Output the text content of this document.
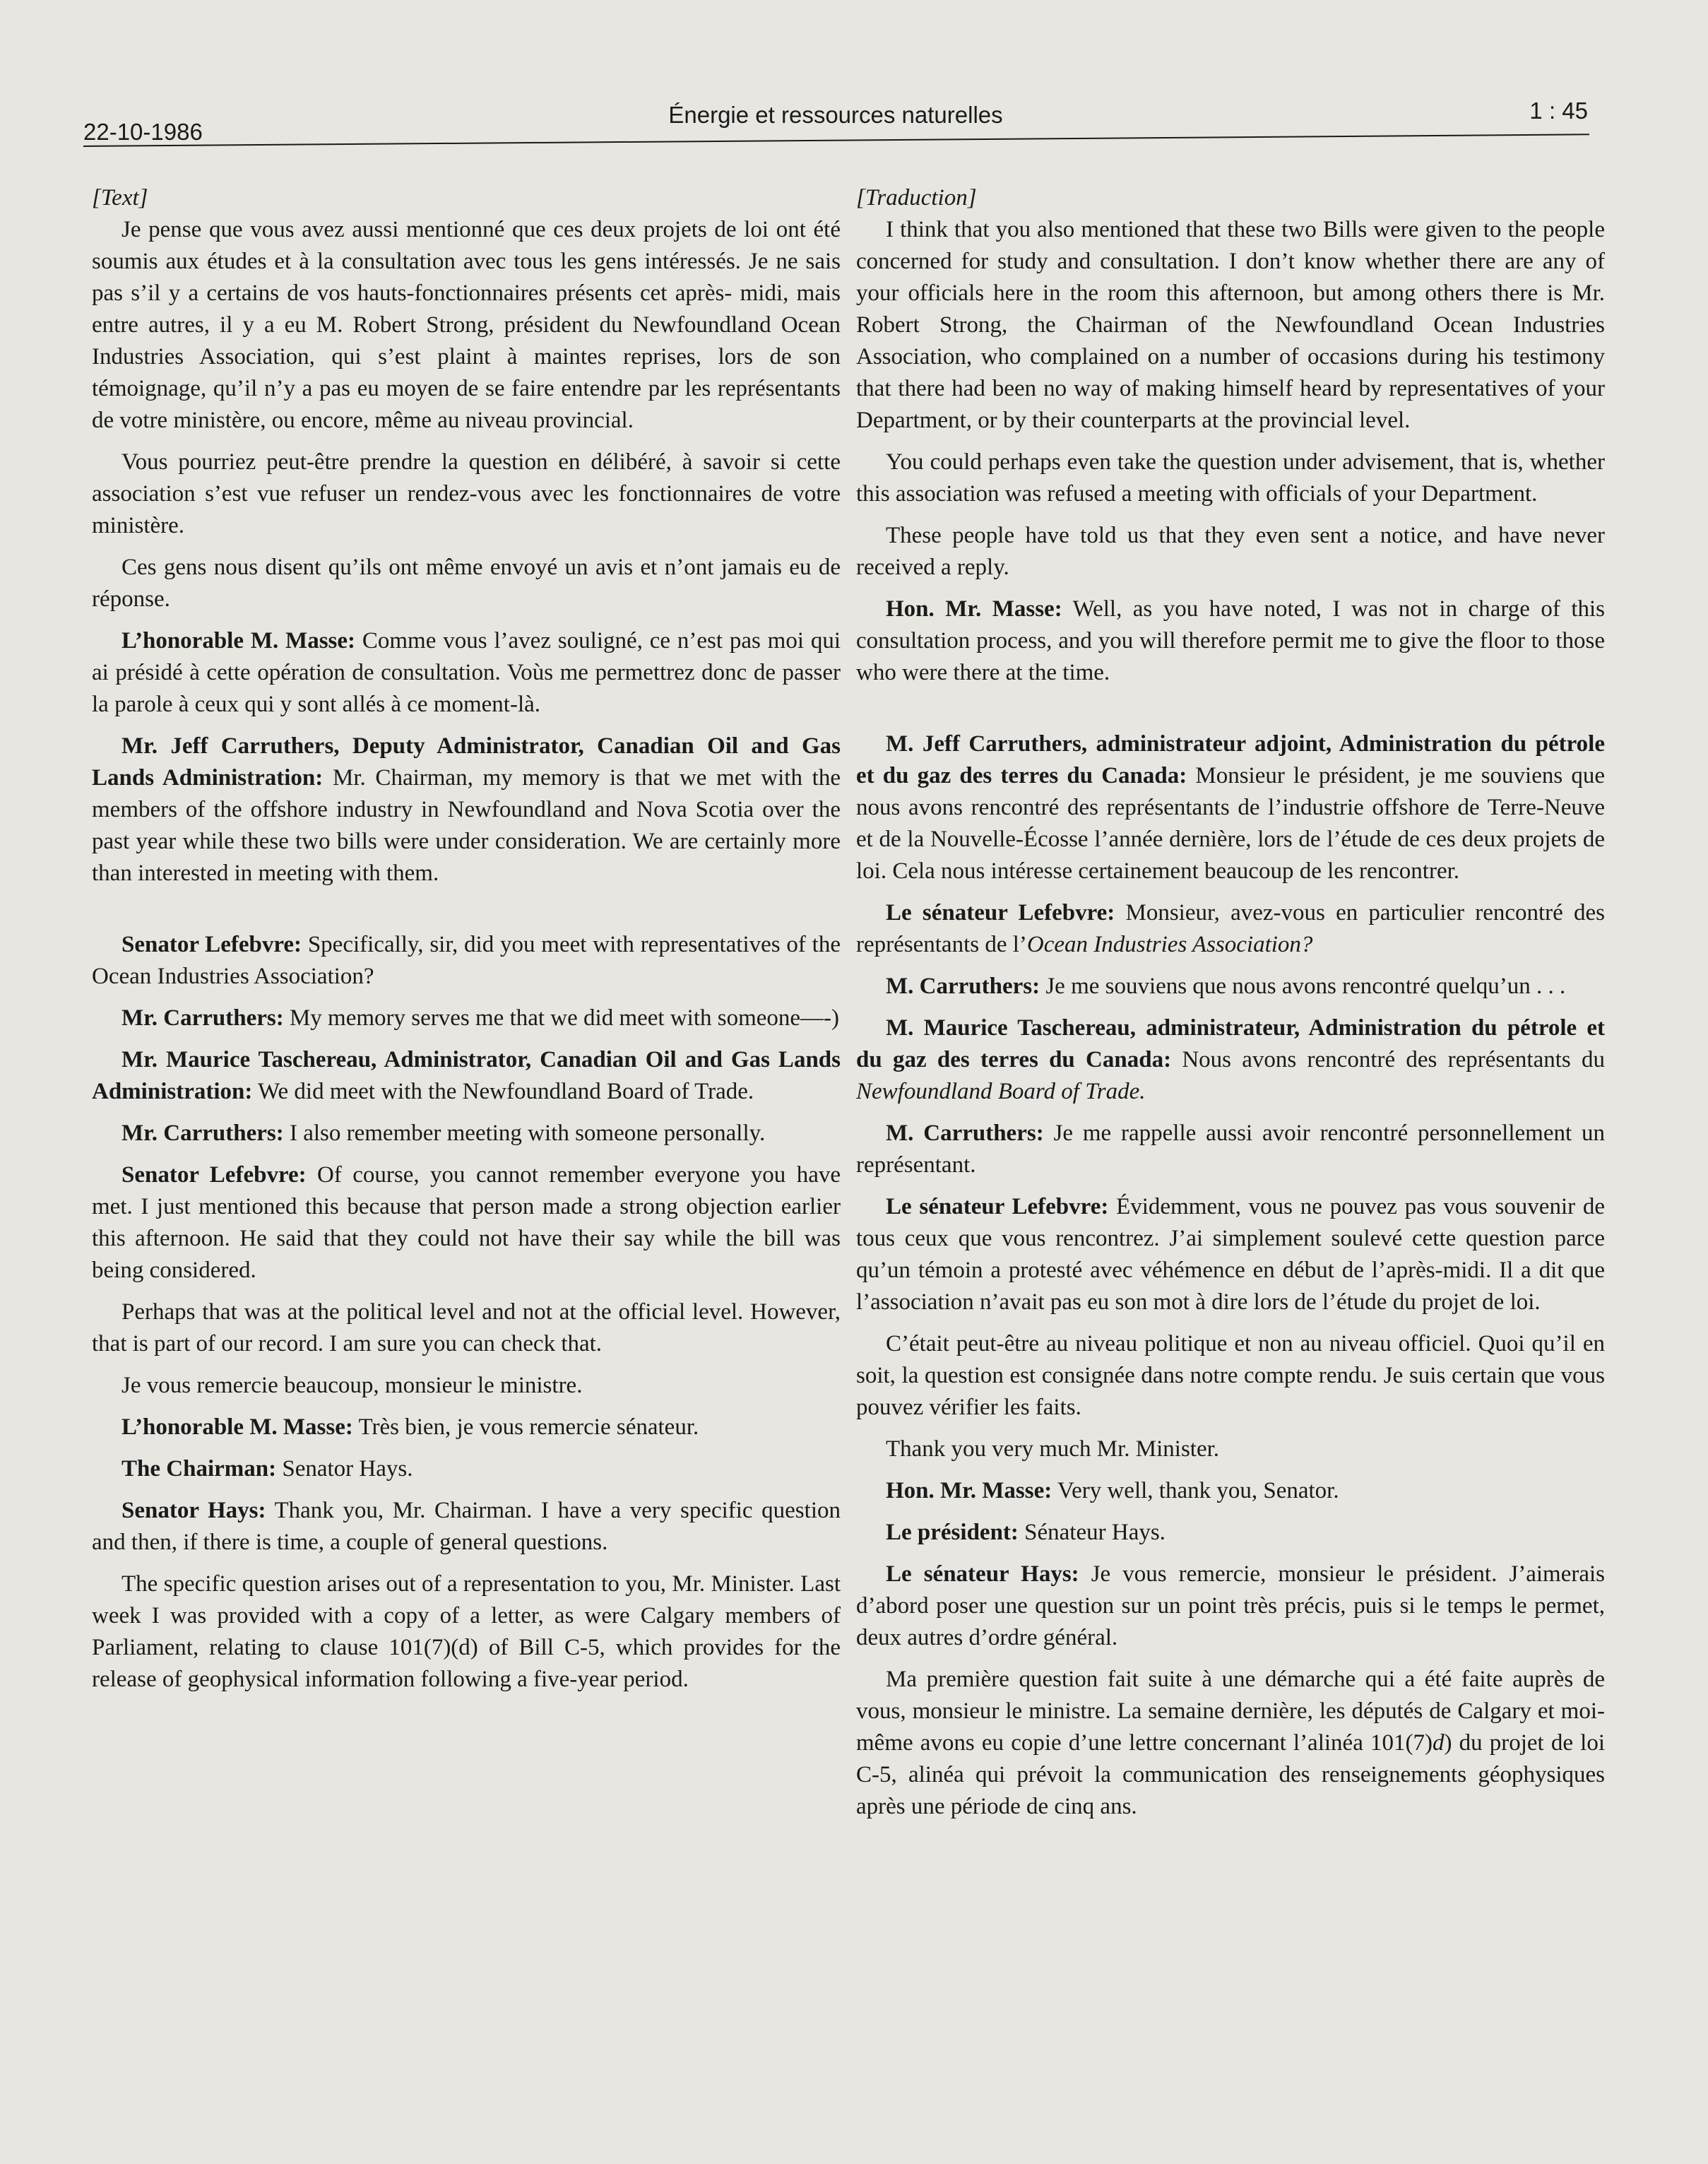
22-10-1986
Énergie et ressources naturelles	1 : 45

[Text]

Je pense que vous avez aussi mentionné que ces deux projets de loi ont été soumis aux études et à la consultation avec tous les gens intéressés. Je ne sais pas s’il y a certains de vos hauts-fonctionnaires présents cet après- midi, mais entre autres, il y a eu M. Robert Strong, président du Newfoundland Ocean Industries Association, qui s’est plaint à maintes reprises, lors de son témoignage, qu’il n’y a pas eu moyen de se faire entendre par les représentants de votre ministère, ou encore, même au niveau provincial.

Vous pourriez peut-être prendre la question en délibéré, à savoir si cette association s’est vue refuser un rendez-vous avec les fonctionnaires de votre ministère.

Ces gens nous disent qu’ils ont même envoyé un avis et n’ont jamais eu de réponse.

L’honorable M. Masse: Comme vous l’avez souligné, ce n’est pas moi qui ai présidé à cette opération de consultation. Voùs me permettrez donc de passer la parole à ceux qui y sont allés à ce moment-là.

Mr. Jeff Carruthers, Deputy Administrator, Canadian Oil and Gas Lands Administration: Mr. Chairman, my memory is that we met with the members of the offshore industry in Newfoundland and Nova Scotia over the past year while these two bills were under consideration. We are certainly more than interested in meeting with them.

Senator Lefebvre: Specifically, sir, did you meet with representatives of the Ocean Industries Association?

Mr. Carruthers: My memory serves me that we did meet with someone—-)

Mr. Maurice Taschereau, Administrator, Canadian Oil and Gas Lands Administration: We did meet with the Newfoundland Board of Trade.

Mr. Carruthers: I also remember meeting with someone personally.

Senator Lefebvre: Of course, you cannot remember everyone you have met. I just mentioned this because that person made a strong objection earlier this afternoon. He said that they could not have their say while the bill was being considered.

Perhaps that was at the political level and not at the official level. However, that is part of our record. I am sure you can check that.

Je vous remercie beaucoup, monsieur le ministre.

L’honorable M. Masse: Très bien, je vous remercie sénateur.

The Chairman: Senator Hays.

Senator Hays: Thank you, Mr. Chairman. I have a very specific question and then, if there is time, a couple of general questions.

The specific question arises out of a representation to you, Mr. Minister. Last week I was provided with a copy of a letter, as were Calgary members of Parliament, relating to clause 101(7)(d) of Bill C-5, which provides for the release of geophysical information following a five-year period.

[Traduction]

I think that you also mentioned that these two Bills were given to the people concerned for study and consultation. I don’t know whether there are any of your officials here in the room this afternoon, but among others there is Mr. Robert Strong, the Chairman of the Newfoundland Ocean Industries Association, who complained on a number of occasions during his testimony that there had been no way of making himself heard by representatives of your Department, or by their counterparts at the provincial level.

You could perhaps even take the question under advisement, that is, whether this association was refused a meeting with officials of your Department.

These people have told us that they even sent a notice, and have never received a reply.

Hon. Mr. Masse: Well, as you have noted, I was not in charge of this consultation process, and you will therefore permit me to give the floor to those who were there at the time.

M. Jeff Carruthers, administrateur adjoint, Administration du pétrole et du gaz des terres du Canada: Monsieur le président, je me souviens que nous avons rencontré des représentants de l’industrie offshore de Terre-Neuve et de la Nouvelle-Écosse l’année dernière, lors de l’étude de ces deux projets de loi. Cela nous intéresse certainement beaucoup de les rencontrer.

Le sénateur Lefebvre: Monsieur, avez-vous en particulier rencontré des représentants de l’Ocean Industries Association?

M. Carruthers: Je me souviens que nous avons rencontré quelqu’un . . .

M. Maurice Taschereau, administrateur, Administration du pétrole et du gaz des terres du Canada: Nous avons rencontré des représentants du Newfoundland Board of Trade.

M. Carruthers: Je me rappelle aussi avoir rencontré personnellement un représentant.

Le sénateur Lefebvre: Évidemment, vous ne pouvez pas vous souvenir de tous ceux que vous rencontrez. J’ai simplement soulevé cette question parce qu’un témoin a protesté avec véhémence en début de l’après-midi. Il a dit que l’association n’avait pas eu son mot à dire lors de l’étude du projet de loi.

C’était peut-être au niveau politique et non au niveau officiel. Quoi qu’il en soit, la question est consignée dans notre compte rendu. Je suis certain que vous pouvez vérifier les faits.

Thank you very much Mr. Minister.

Hon. Mr. Masse: Very well, thank you, Senator.

Le président: Sénateur Hays.

Le sénateur Hays: Je vous remercie, monsieur le président. J’aimerais d’abord poser une question sur un point très précis, puis si le temps le permet, deux autres d’ordre général.

Ma première question fait suite à une démarche qui a été faite auprès de vous, monsieur le ministre. La semaine dernière, les députés de Calgary et moi-même avons eu copie d’une lettre concernant l’alinéa 101(7)d) du projet de loi C-5, alinéa qui prévoit la communication des renseignements géophysiques après une période de cinq ans.
